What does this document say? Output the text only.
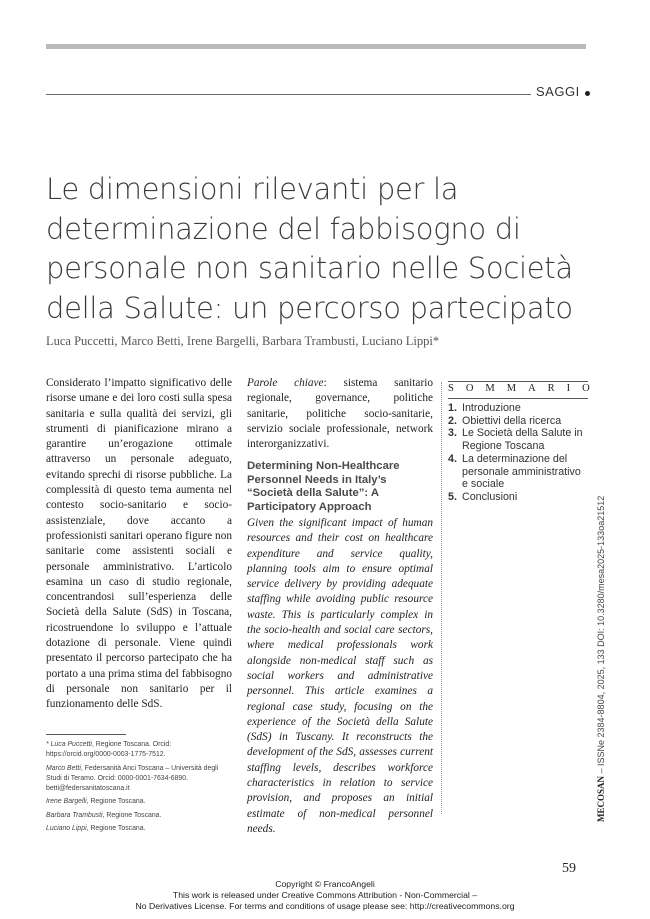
SAGGI
Le dimensioni rilevanti per la determinazione del fabbisogno di personale non sanitario nelle Società della Salute: un percorso partecipato
Luca Puccetti, Marco Betti, Irene Bargelli, Barbara Trambusti, Luciano Lippi*
Considerato l’impatto significativo delle risorse umane e dei loro costi sulla spesa sanitaria e sulla qualità dei servizi, gli strumenti di pianificazione mirano a garantire un’erogazione ottimale attraverso un personale adeguato, evitando sprechi di risorse pubbliche. La complessità di questo tema aumenta nel contesto socio-sanitario e socio-assistenziale, dove accanto a professionisti sanitari operano figure non sanitarie come assistenti sociali e personale amministrativo. L’articolo esamina un caso di studio regionale, concentrandosi sull’esperienza delle Società della Salute (SdS) in Toscana, ricostruendone lo sviluppo e l’attuale dotazione di personale. Viene quindi presentato il percorso partecipato che ha portato a una prima stima del fabbisogno di personale non sanitario per il funzionamento delle SdS.

* Luca Puccetti, Regione Toscana. Orcid: https://orcid.org/0000-0003-1775-7512.

Marco Betti, Federsanità Anci Toscana – Università degli Studi di Teramo. Orcid: 0000-0001-7634-6890. betti@federsanitatoscana.it

Irene Bargelli, Regione Toscana.

Barbara Trambusti, Regione Toscana.

Luciano Lippi, Regione Toscana.

Parole chiave: sistema sanitario regionale, governance, politiche sanitarie, politiche socio-sanitarie, servizio sociale professionale, network interorganizzativi.
Determining Non-Healthcare Personnel Needs in Italy’s “Società della Salute”: A Participatory Approach
Given the significant impact of human resources and their cost on healthcare expenditure and service quality, planning tools aim to ensure optimal service delivery by providing adequate staffing while avoiding public resource waste. This is particularly complex in the socio-health and social care sectors, where medical professionals work alongside non-medical staff such as social workers and administrative personnel. This article examines a regional case study, focusing on the experience of the Società della Salute (SdS) in Tuscany. It reconstructs the development of the SdS, assesses current staffing levels, describes workforce characteristics in relation to service provision, and proposes an initial estimate of non-medical personnel needs.
SOMMARIO
1. Introduzione
2. Obiettivi della ricerca
3. Le Società della Salute in Regione Toscana
4. La determinazione del personale amministrativo e sociale
5. Conclusioni
MECOSAN – ISSNe 2384-8804, 2025, 133 DOI: 10.3280/mesa2025-133oa21512
59
Copyright © FrancoAngeli
This work is released under Creative Commons Attribution - Non-Commercial –
No Derivatives License. For terms and conditions of usage please see: http://creativecommons.org
